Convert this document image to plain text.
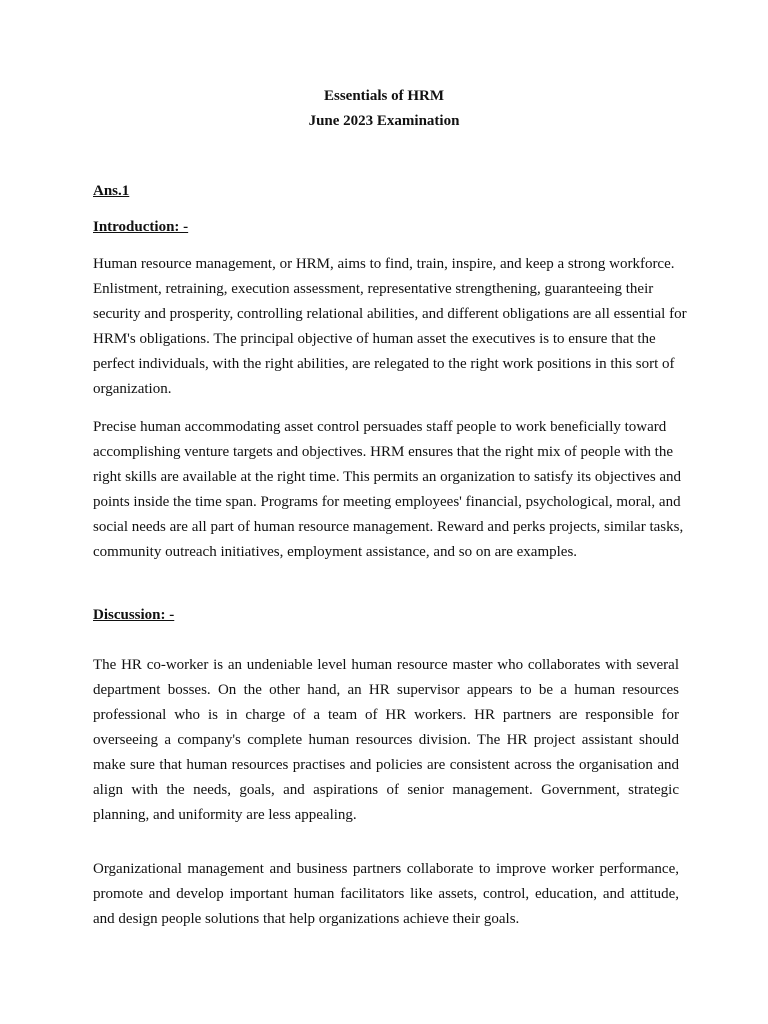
Essentials of HRM
June 2023 Examination
Ans.1
Introduction: -

Human resource management, or HRM, aims to find, train, inspire, and keep a strong workforce. Enlistment, retraining, execution assessment, representative strengthening, guaranteeing their security and prosperity, controlling relational abilities, and different obligations are all essential for HRM's obligations. The principal objective of human asset the executives is to ensure that the perfect individuals, with the right abilities, are relegated to the right work positions in this sort of organization.

Precise human accommodating asset control persuades staff people to work beneficially toward accomplishing venture targets and objectives. HRM ensures that the right mix of people with the right skills are available at the right time. This permits an organization to satisfy its objectives and points inside the time span. Programs for meeting employees' financial, psychological, moral, and social needs are all part of human resource management. Reward and perks projects, similar tasks, community outreach initiatives, employment assistance, and so on are examples.

Discussion: -

The HR co-worker is an undeniable level human resource master who collaborates with several department bosses. On the other hand, an HR supervisor appears to be a human resources professional who is in charge of a team of HR workers. HR partners are responsible for overseeing a company's complete human resources division. The HR project assistant should make sure that human resources practises and policies are consistent across the organisation and align with the needs, goals, and aspirations of senior management. Government, strategic planning, and uniformity are less appealing.

Organizational management and business partners collaborate to improve worker performance, promote and develop important human facilitators like assets, control, education, and attitude, and design people solutions that help organizations achieve their goals.
